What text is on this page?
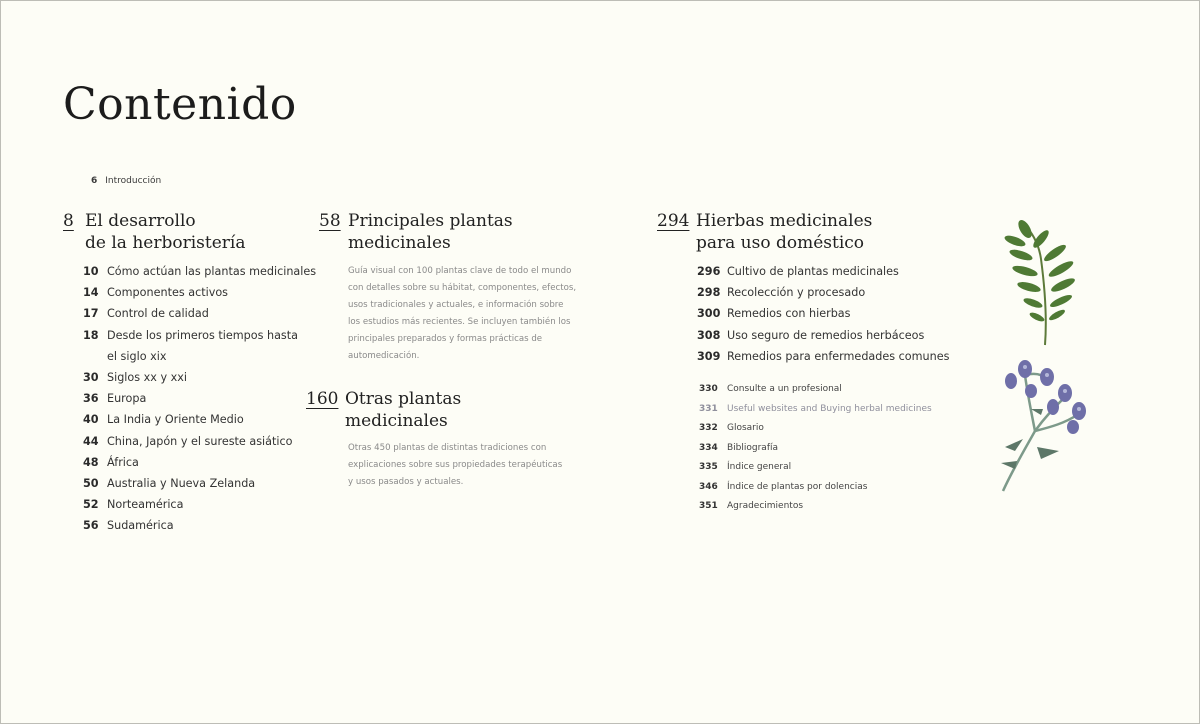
Contenido
6 Introducción
8 El desarrollo
de la herboristería
10 Cómo actúan las plantas medicinales
14 Componentes activos
17 Control de calidad
18 Desde los primeros tiempos hasta
el siglo xix
30 Siglos xx y xxi
36 Europa
40 La India y Oriente Medio
44 China, Japón y el sureste asiático
48 África
50 Australia y Nueva Zelanda
52 Norteamérica
56 Sudamérica
58 Principales plantas
medicinales
Guía visual con 100 plantas clave de todo el mundo
con detalles sobre su hábitat, componentes, efectos,
usos tradicionales y actuales, e información sobre
los estudios más recientes. Se incluyen también los
principales preparados y formas prácticas de
automedicación.
160 Otras plantas
medicinales
Otras 450 plantas de distintas tradiciones con
explicaciones sobre sus propiedades terapéuticas
y usos pasados y actuales.
294 Hierbas medicinales
para uso doméstico
296 Cultivo de plantas medicinales
298 Recolección y procesado
300 Remedios con hierbas
308 Uso seguro de remedios herbáceos
309 Remedios para enfermedades comunes
330 Consulte a un profesional
331 Useful websites and Buying herbal medicines
332 Glosario
334 Bibliografía
335 Índice general
346 Índice de plantas por dolencias
351 Agradecimientos
